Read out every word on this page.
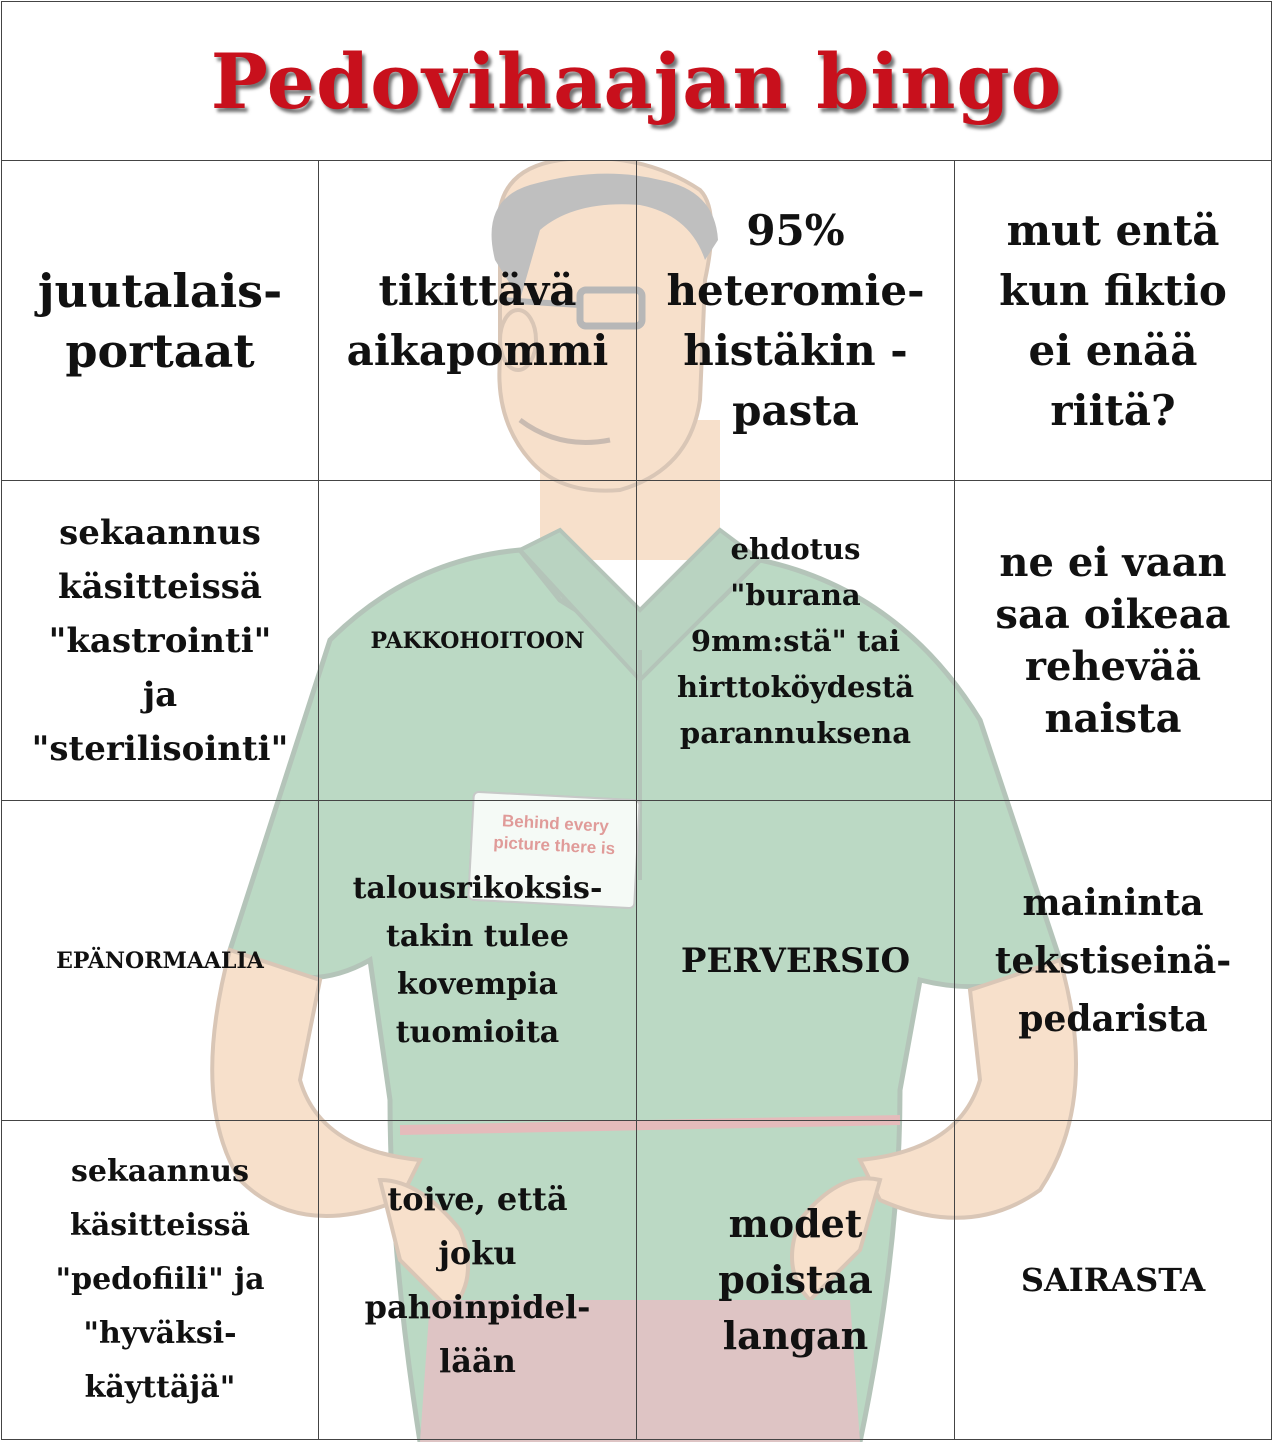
Behind every
picture there is
Pedovihaajan bingo
juutalais-
portaat
tikittävä
aikapommi
95%
heteromie-
histäkin -
pasta
mut entä
kun fiktio
ei enää
riitä?
sekaannus
käsitteissä
"kastrointi"
ja
"sterilisointi"
PAKKOHOITOON
ehdotus
"burana
9mm:stä" tai
hirttoköydestä
parannuksena
ne ei vaan
saa oikeaa
rehevää
naista
EPÄNORMAALIA
talousrikoksis-
takin tulee
kovempia
tuomioita
PERVERSIO
maininta
tekstiseinä-
pedarista
sekaannus
käsitteissä
"pedofiili" ja
"hyväksi-
käyttäjä"
toive, että
joku
pahoinpidel-
lään
modet
poistaa
langan
SAIRASTA
